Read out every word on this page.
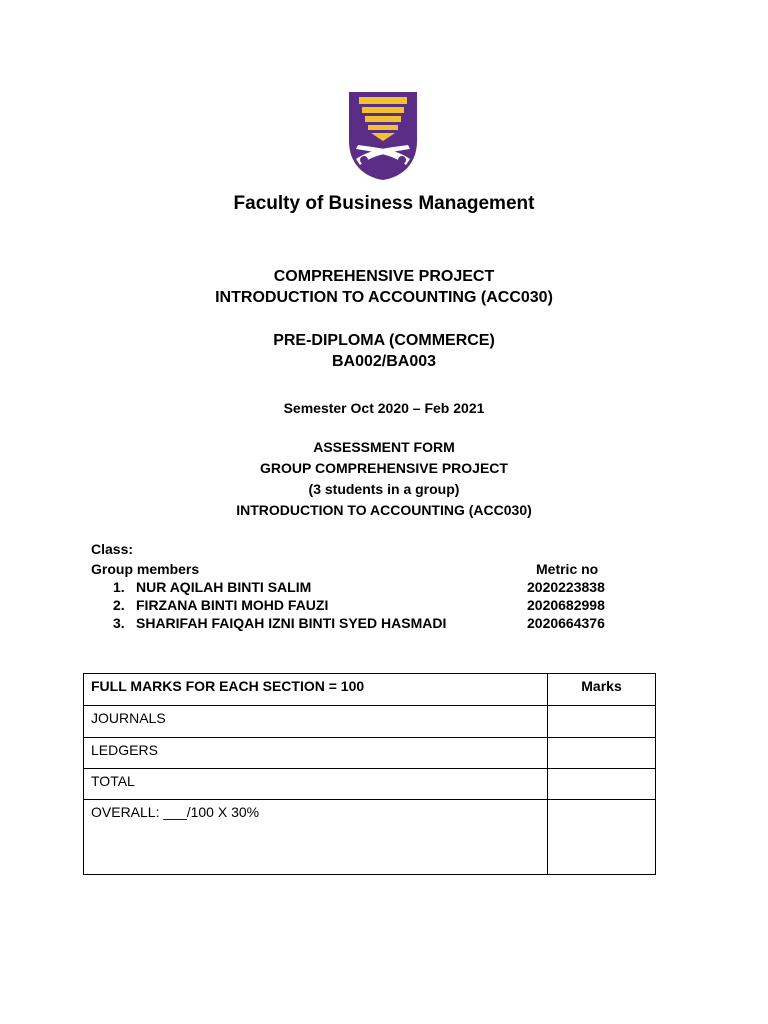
Faculty of Business Management
COMPREHENSIVE PROJECT
INTRODUCTION TO ACCOUNTING (ACC030)
PRE-DIPLOMA (COMMERCE)
BA002/BA003
Semester Oct 2020 – Feb 2021
ASSESSMENT FORM
GROUP COMPREHENSIVE PROJECT
(3 students in a group)
INTRODUCTION TO ACCOUNTING (ACC030)
Class:
Group members	Metric no
1. NUR AQILAH BINTI SALIM	2020223838
2. FIRZANA BINTI MOHD FAUZI	2020682998
3. SHARIFAH FAIQAH IZNI BINTI SYED HASMADI	2020664376
FULL MARKS FOR EACH SECTION = 100	Marks
JOURNALS	
LEDGERS	
TOTAL	
OVERALL: ___/100 X 30%	
